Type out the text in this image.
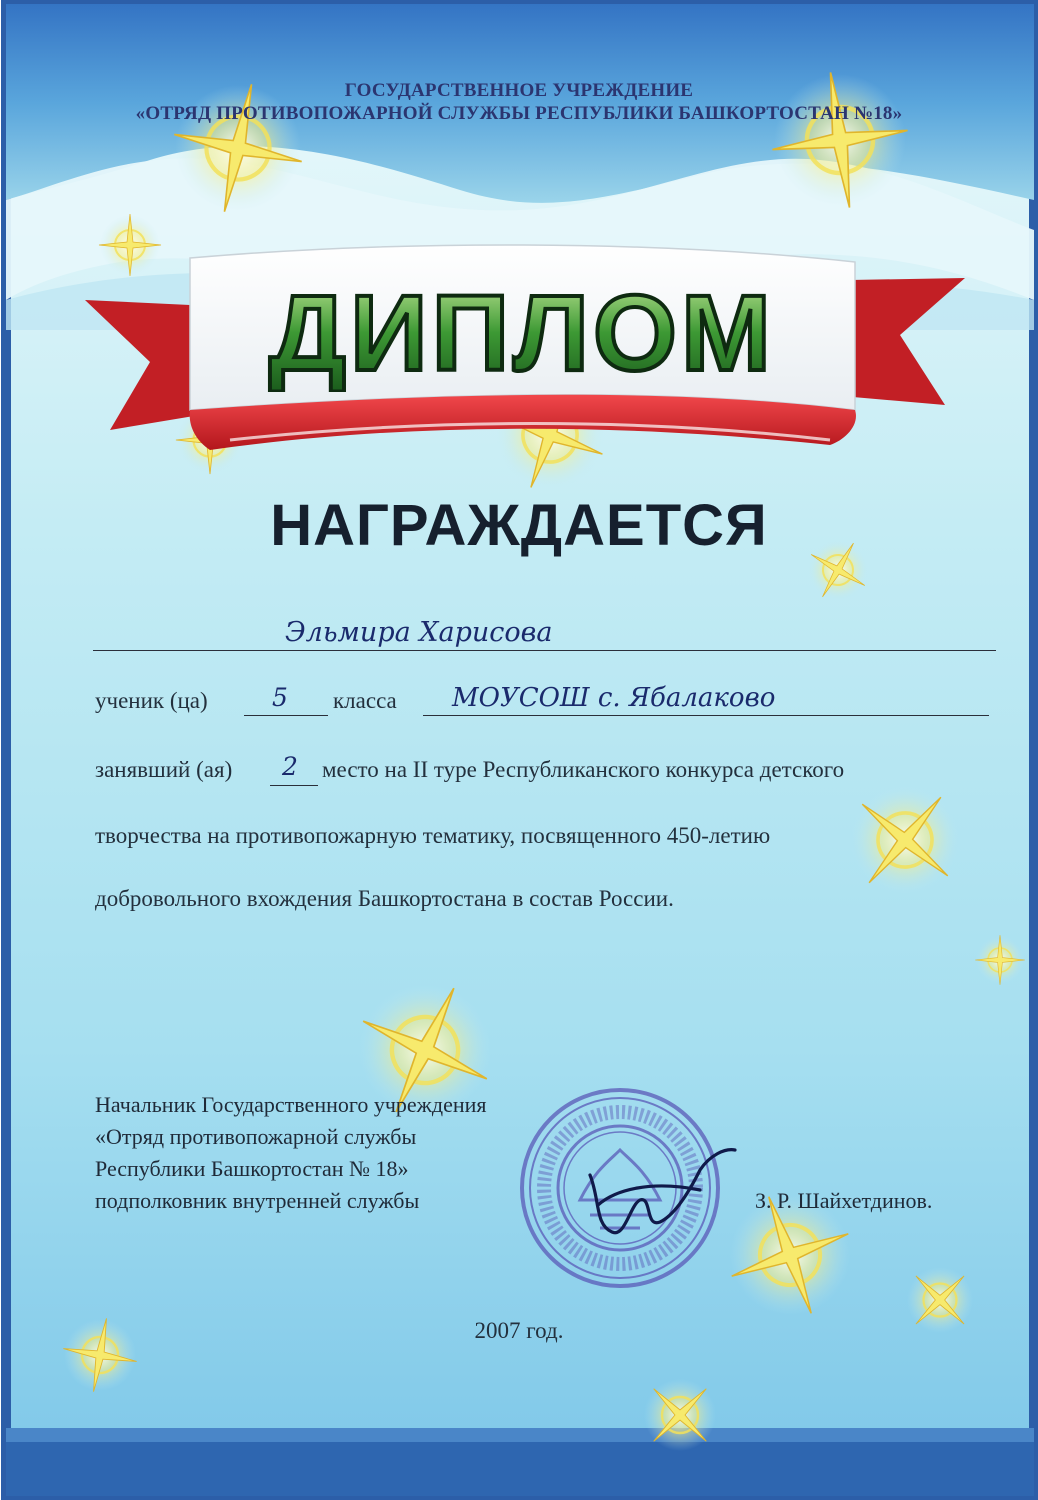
ГОСУДАРСТВЕННОЕ УЧРЕЖДЕНИЕ
«ОТРЯД ПРОТИВОПОЖАРНОЙ СЛУЖБЫ РЕСПУБЛИКИ БАШКОРТОСТАН №18»
ДИПЛОМ
НАГРАЖДАЕТСЯ
Эльмира Харисова
ученик (ца)	5 класса МОУСОШ с. Ябалаково
занявший (ая) 2 место на II туре Республиканского конкурса детского
творчества на противопожарную тематику, посвященного 450-летию
добровольного вхождения Башкортостана в состав России.
Начальник Государственного учреждения
«Отряд противопожарной службы
Республики Башкортостан № 18»
подполковник внутренней службы	З. Р. Шайхетдинов.
2007 год.
